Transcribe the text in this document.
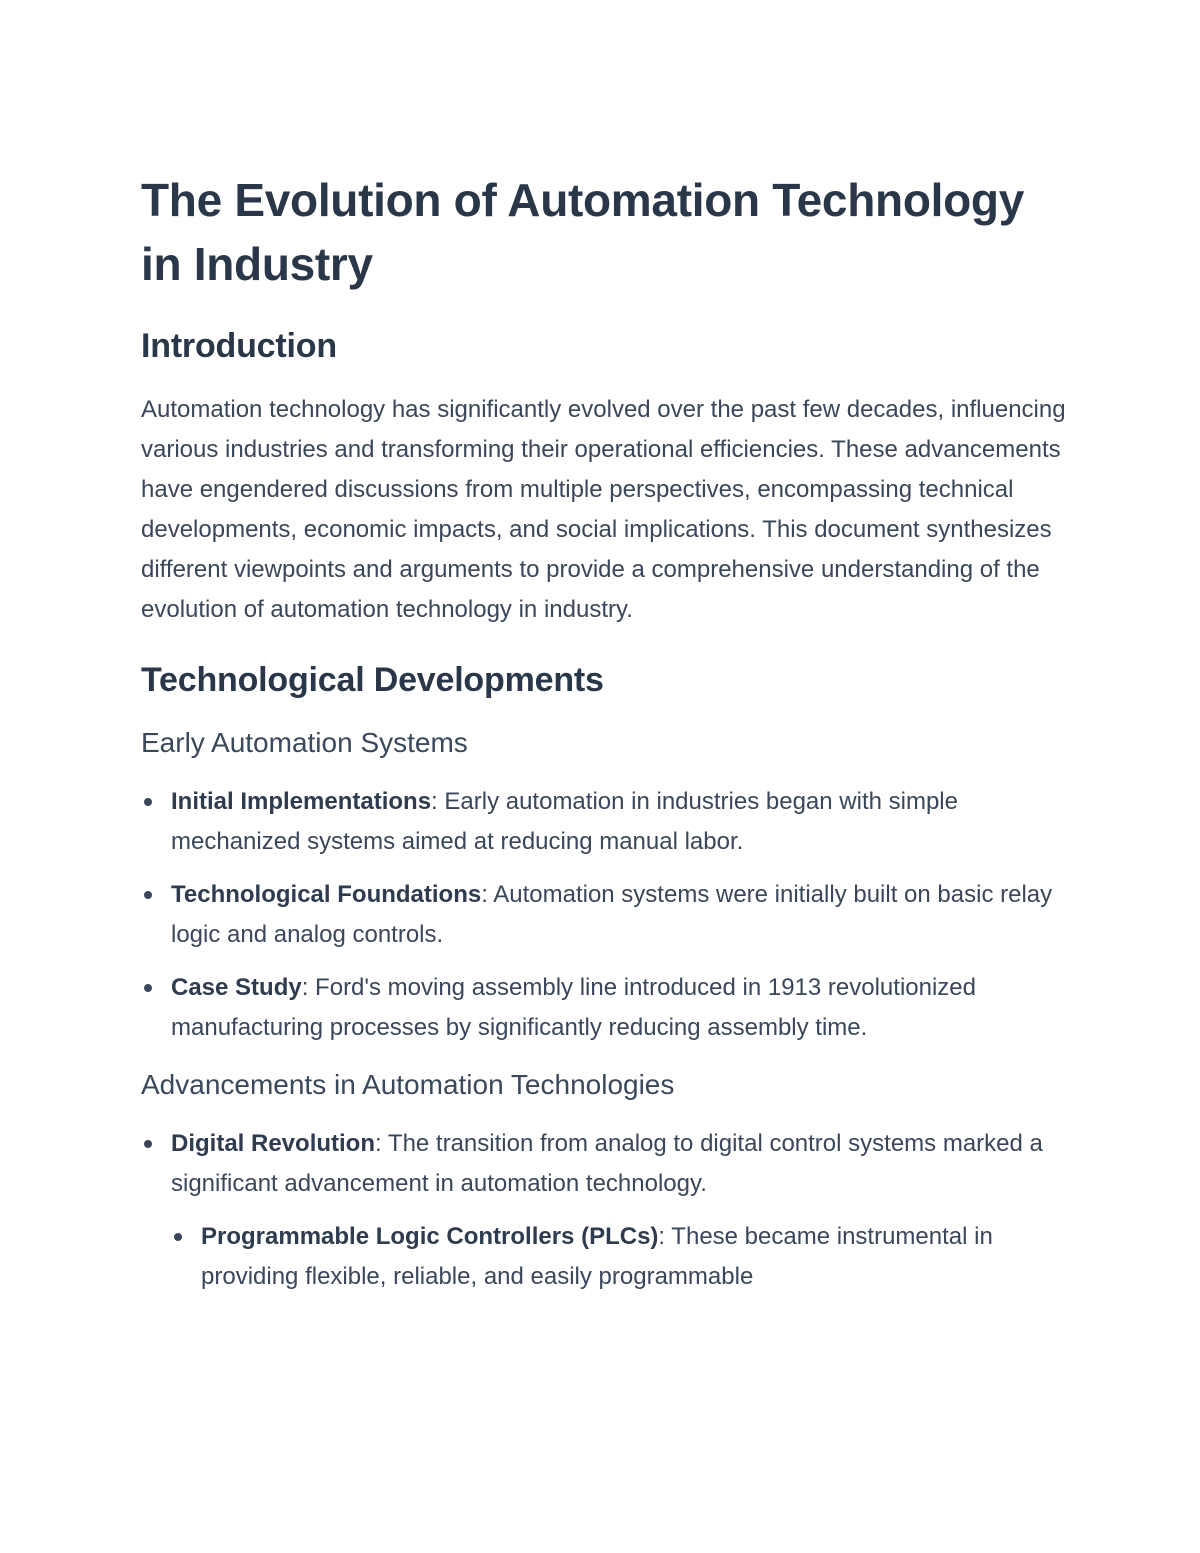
The Evolution of Automation Technology in Industry
Introduction

Automation technology has significantly evolved over the past few decades, influencing various industries and transforming their operational efficiencies. These advancements have engendered discussions from multiple perspectives, encompassing technical developments, economic impacts, and social implications. This document synthesizes different viewpoints and arguments to provide a comprehensive understanding of the evolution of automation technology in industry.

Technological Developments
Early Automation Systems
Initial Implementations: Early automation in industries began with simple mechanized systems aimed at reducing manual labor.
Technological Foundations: Automation systems were initially built on basic relay logic and analog controls.
Case Study: Ford's moving assembly line introduced in 1913 revolutionized manufacturing processes by significantly reducing assembly time.
Advancements in Automation Technologies
Digital Revolution: The transition from analog to digital control systems marked a significant advancement in automation technology.
Programmable Logic Controllers (PLCs): These became instrumental in providing flexible, reliable, and easily programmable
